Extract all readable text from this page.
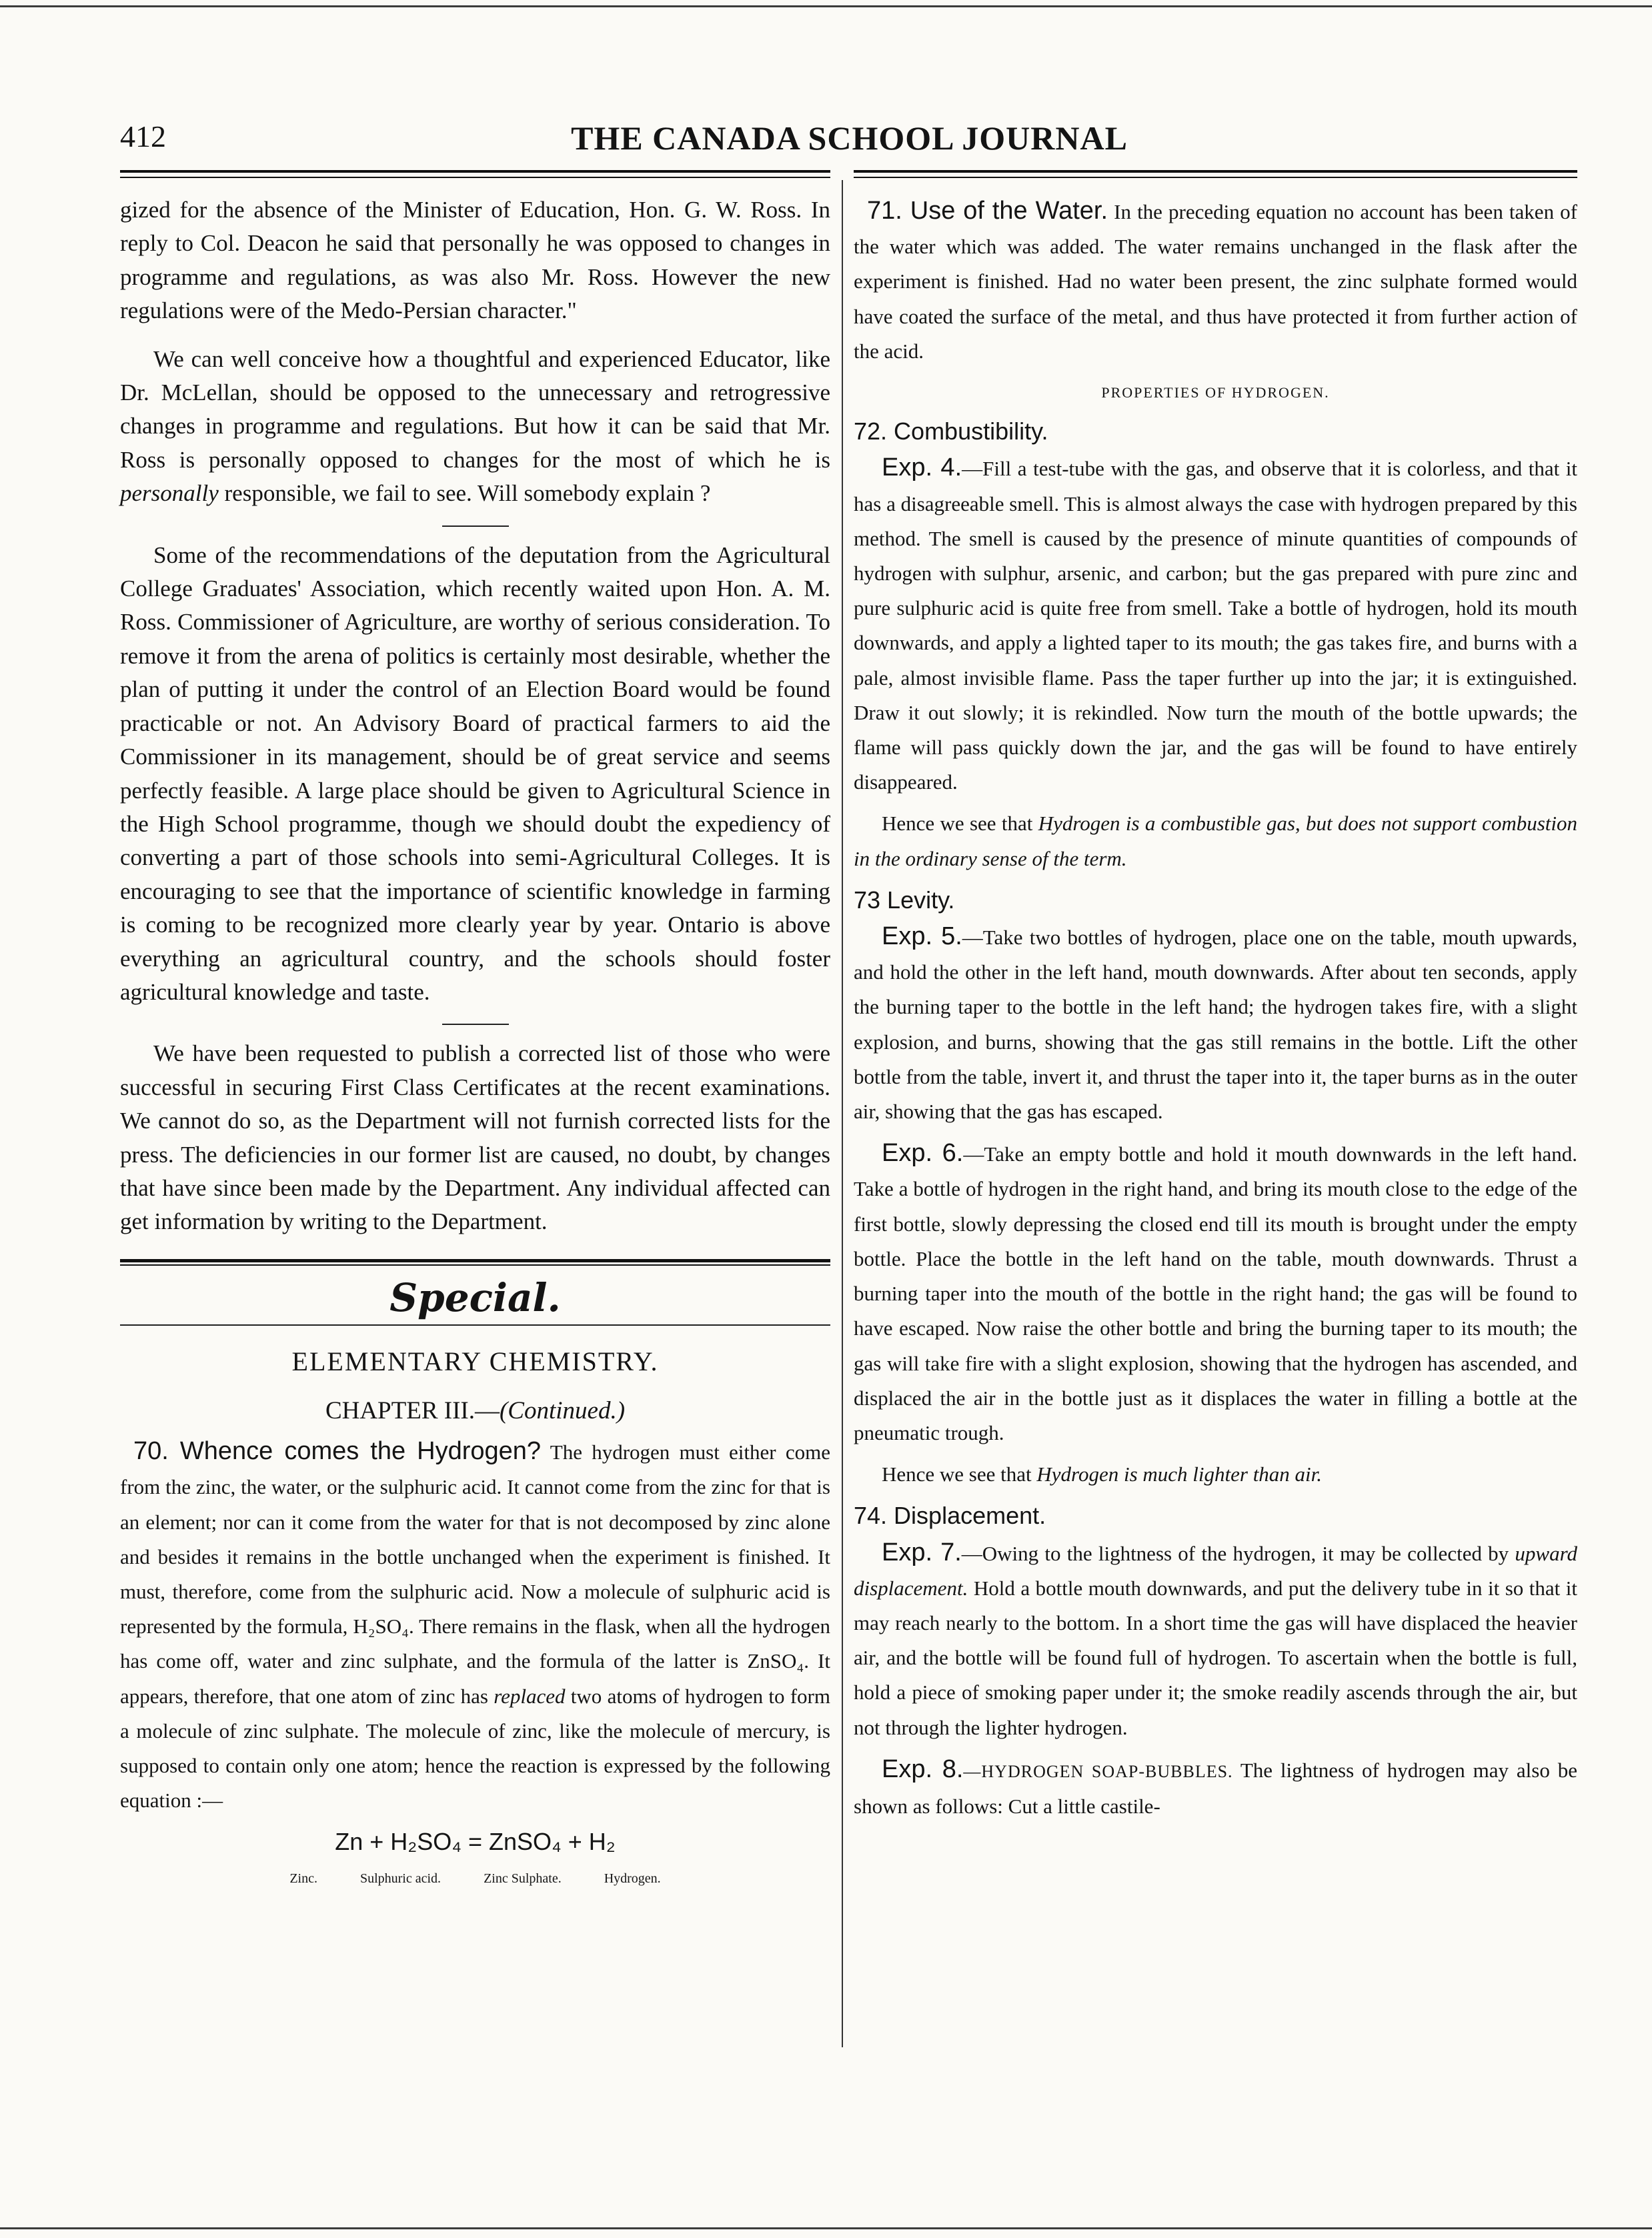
412	THE CANADA SCHOOL JOURNAL

gized for the absence of the Minister of Education, Hon. G. W. Ross. In reply to Col. Deacon he said that personally he was opposed to changes in programme and regulations, as was also Mr. Ross. However the new regulations were of the Medo-Persian character."

We can well conceive how a thoughtful and experienced Educator, like Dr. McLellan, should be opposed to the unnecessary and retrogressive changes in programme and regulations. But how it can be said that Mr. Ross is personally opposed to changes for the most of which he is personally responsible, we fail to see. Will somebody explain ?

Some of the recommendations of the deputation from the Agricultural College Graduates' Association, which recently waited upon Hon. A. M. Ross. Commissioner of Agriculture, are worthy of serious consideration. To remove it from the arena of politics is certainly most desirable, whether the plan of putting it under the control of an Election Board would be found practicable or not. An Advisory Board of practical farmers to aid the Commissioner in its management, should be of great service and seems perfectly feasible. A large place should be given to Agricultural Science in the High School programme, though we should doubt the expediency of converting a part of those schools into semi-Agricultural Colleges. It is encouraging to see that the importance of scientific knowledge in farming is coming to be recognized more clearly year by year. Ontario is above everything an agricultural country, and the schools should foster agricultural knowledge and taste.

We have been requested to publish a corrected list of those who were successful in securing First Class Certificates at the recent examinations. We cannot do so, as the Department will not furnish corrected lists for the press. The deficiencies in our former list are caused, no doubt, by changes that have since been made by the Department. Any individual affected can get information by writing to the Department.

Special.
ELEMENTARY CHEMISTRY.
CHAPTER III.—(Continued.)

70. Whence comes the Hydrogen? The hydrogen must either come from the zinc, the water, or the sulphuric acid. It cannot come from the zinc for that is an element; nor can it come from the water for that is not decomposed by zinc alone and besides it remains in the bottle unchanged when the experiment is finished. It must, therefore, come from the sulphuric acid. Now a molecule of sulphuric acid is represented by the formula, H₂SO₄. There remains in the flask, when all the hydrogen has come off, water and zinc sulphate, and the formula of the latter is ZnSO₄. It appears, therefore, that one atom of zinc has replaced two atoms of hydrogen to form a molecule of zinc sulphate. The molecule of zinc, like the molecule of mercury, is supposed to contain only one atom; hence the reaction is expressed by the following equation :—

Zn + H₂SO₄ = ZnSO₄ + H₂
Zinc.	Sulphuric acid.	Zinc Sulphate.	Hydrogen.

71. Use of the Water. In the preceding equation no account has been taken of the water which was added. The water remains unchanged in the flask after the experiment is finished. Had no water been present, the zinc sulphate formed would have coated the surface of the metal, and thus have protected it from further action of the acid.

PROPERTIES OF HYDROGEN.
72. Combustibility.

Exp. 4.—Fill a test-tube with the gas, and observe that it is colorless, and that it has a disagreeable smell. This is almost always the case with hydrogen prepared by this method. The smell is caused by the presence of minute quantities of compounds of hydrogen with sulphur, arsenic, and carbon; but the gas prepared with pure zinc and pure sulphuric acid is quite free from smell. Take a bottle of hydrogen, hold its mouth downwards, and apply a lighted taper to its mouth; the gas takes fire, and burns with a pale, almost invisible flame. Pass the taper further up into the jar; it is extinguished. Draw it out slowly; it is rekindled. Now turn the mouth of the bottle upwards; the flame will pass quickly down the jar, and the gas will be found to have entirely disappeared.

Hence we see that Hydrogen is a combustible gas, but does not support combustion in the ordinary sense of the term.

73 Levity.

Exp. 5.—Take two bottles of hydrogen, place one on the table, mouth upwards, and hold the other in the left hand, mouth downwards. After about ten seconds, apply the burning taper to the bottle in the left hand; the hydrogen takes fire, with a slight explosion, and burns, showing that the gas still remains in the bottle. Lift the other bottle from the table, invert it, and thrust the taper into it, the taper burns as in the outer air, showing that the gas has escaped.

Exp. 6.—Take an empty bottle and hold it mouth downwards in the left hand. Take a bottle of hydrogen in the right hand, and bring its mouth close to the edge of the first bottle, slowly depressing the closed end till its mouth is brought under the empty bottle. Place the bottle in the left hand on the table, mouth downwards. Thrust a burning taper into the mouth of the bottle in the right hand; the gas will be found to have escaped. Now raise the other bottle and bring the burning taper to its mouth; the gas will take fire with a slight explosion, showing that the hydrogen has ascended, and displaced the air in the bottle just as it displaces the water in filling a bottle at the pneumatic trough.

Hence we see that Hydrogen is much lighter than air.

74. Displacement.

Exp. 7.—Owing to the lightness of the hydrogen, it may be collected by upward displacement. Hold a bottle mouth downwards, and put the delivery tube in it so that it may reach nearly to the bottom. In a short time the gas will have displaced the heavier air, and the bottle will be found full of hydrogen. To ascertain when the bottle is full, hold a piece of smoking paper under it; the smoke readily ascends through the air, but not through the lighter hydrogen.

Exp. 8.—HYDROGEN SOAP-BUBBLES. The lightness of hydrogen may also be shown as follows: Cut a little castile-
